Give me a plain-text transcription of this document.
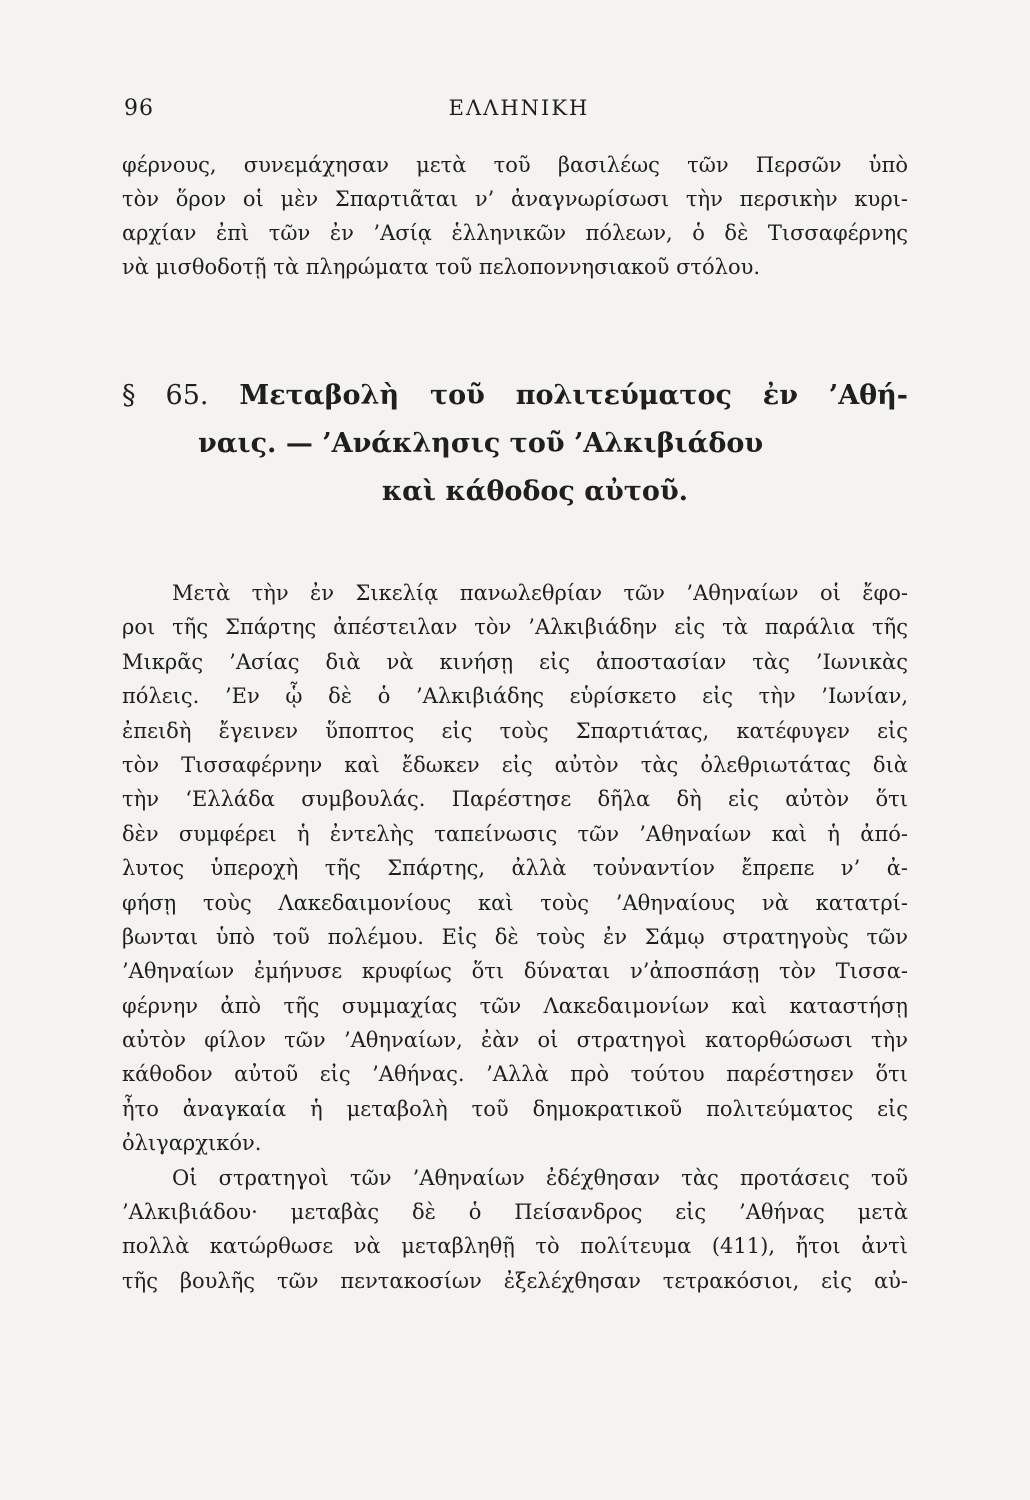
96	ΕΛΛΗΝΙΚΗ
φέρνους, συνεμάχησαν μετὰ τοῦ βασιλέως τῶν Περσῶν ὑπὸ
τὸν ὅρον οἱ μὲν Σπαρτιᾶται ν’ ἀναγνωρίσωσι τὴν περσικὴν κυρι-
αρχίαν ἐπὶ τῶν ἐν ’Ασίᾳ ἑλληνικῶν πόλεων, ὁ δὲ Τισσαφέρνης
νὰ μισθοδοτῇ τὰ πληρώματα τοῦ πελοποννησιακοῦ στόλου.
§ 65. Μεταβολὴ τοῦ πολιτεύματος ἐν ’Αθή-
ναις. — ’Ανάκλησις τοῦ ’Αλκιβιάδου
καὶ κάθοδος αὐτοῦ.
Μετὰ τὴν ἐν Σικελίᾳ πανωλεθρίαν τῶν ’Αθηναίων οἱ ἔφο-
ροι τῆς Σπάρτης ἀπέστειλαν τὸν ’Αλκιβιάδην εἰς τὰ παράλια τῆς
Μικρᾶς ’Ασίας διὰ νὰ κινήσῃ εἰς ἀποστασίαν τὰς ’Ιωνικὰς
πόλεις. ’Εν ᾧ δὲ ὁ ’Αλκιβιάδης εὑρίσκετο εἰς τὴν ’Ιωνίαν,
ἐπειδὴ ἔγεινεν ὕποπτος εἰς τοὺς Σπαρτιάτας, κατέφυγεν εἰς
τὸν Τισσαφέρνην καὶ ἔδωκεν εἰς αὐτὸν τὰς ὀλεθριωτάτας διὰ
τὴν ‘Ελλάδα συμβουλάς. Παρέστησε δῆλα δὴ εἰς αὐτὸν ὅτι
δὲν συμφέρει ἡ ἐντελὴς ταπείνωσις τῶν ’Αθηναίων καὶ ἡ ἀπό-
λυτος ὑπεροχὴ τῆς Σπάρτης, ἀλλὰ τοὐναντίον ἔπρεπε ν’ ἀ-
φήσῃ τοὺς Λακεδαιμονίους καὶ τοὺς ’Αθηναίους νὰ κατατρί-
βωνται ὑπὸ τοῦ πολέμου. Εἰς δὲ τοὺς ἐν Σάμῳ στρατηγοὺς τῶν
’Αθηναίων ἐμήνυσε κρυφίως ὅτι δύναται ν’ἀποσπάσῃ τὸν Τισσα-
φέρνην ἀπὸ τῆς συμμαχίας τῶν Λακεδαιμονίων καὶ καταστήσῃ
αὐτὸν φίλον τῶν ’Αθηναίων, ἐὰν οἱ στρατηγοὶ κατορθώσωσι τὴν
κάθοδον αὐτοῦ εἰς ’Αθήνας. ’Αλλὰ πρὸ τούτου παρέστησεν ὅτι
ἦτο ἀναγκαία ἡ μεταβολὴ τοῦ δημοκρατικοῦ πολιτεύματος εἰς
ὀλιγαρχικόν.
Οἱ στρατηγοὶ τῶν ’Αθηναίων ἐδέχθησαν τὰς προτάσεις τοῦ
’Αλκιβιάδου· μεταβὰς δὲ ὁ Πείσανδρος εἰς ’Αθήνας μετὰ
πολλὰ κατώρθωσε νὰ μεταβληθῇ τὸ πολίτευμα (411), ἤτοι ἀντὶ
τῆς βουλῆς τῶν πεντακοσίων ἐξελέχθησαν τετρακόσιοι, εἰς αὐ-
